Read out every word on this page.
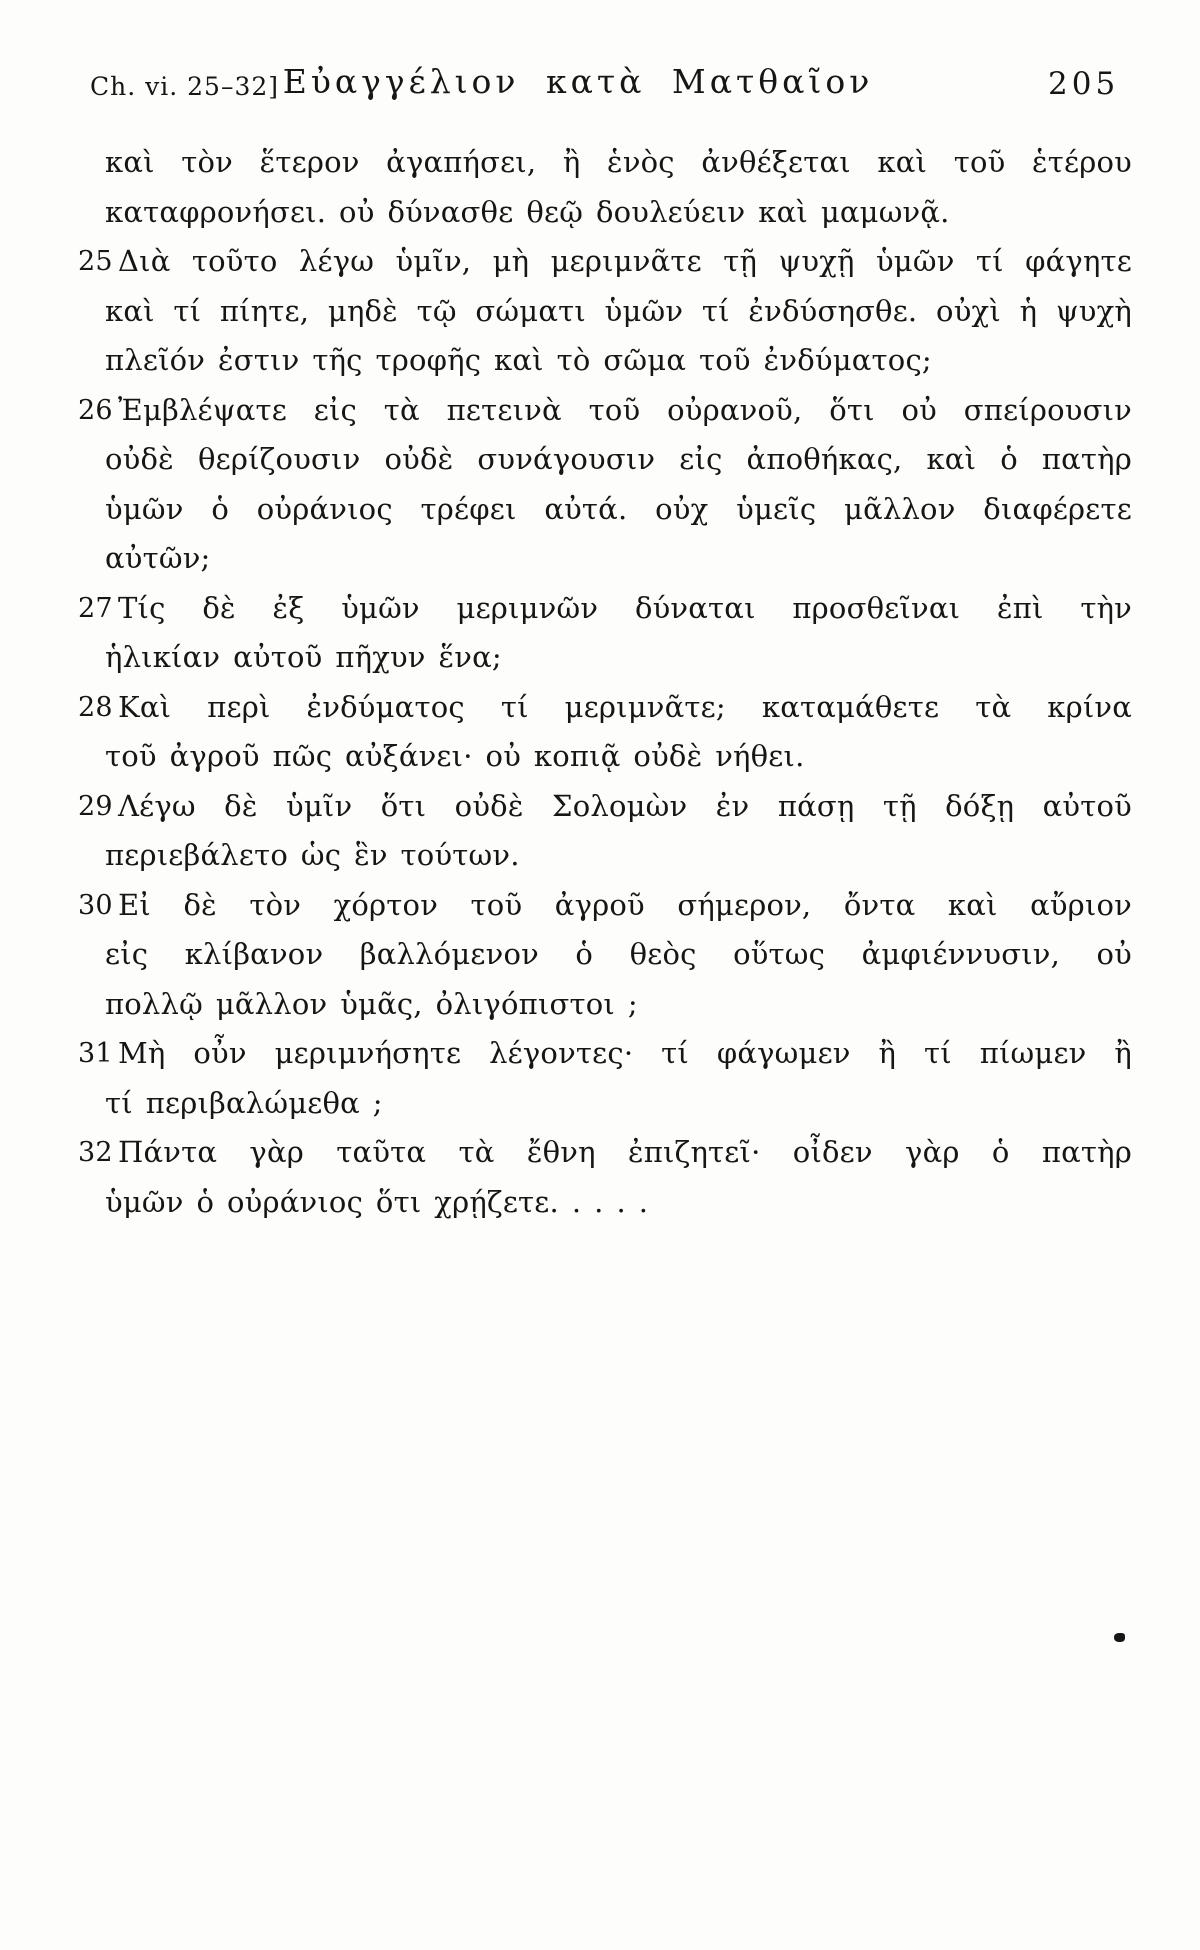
Ch. vi. 25–32] Εὐαγγέλιον κατὰ Ματθαῖον	205
καὶ τὸν ἕτερον ἀγαπήσει, ἢ ἑνὸς ἀνθέξεται καὶ τοῦ ἑτέρου
καταφρονήσει. οὐ δύνασθε θεῷ δουλεύειν καὶ μαμωνᾷ.
25 Διὰ τοῦτο λέγω ὑμῖν, μὴ μεριμνᾶτε τῇ ψυχῇ ὑμῶν τί φάγητε
καὶ τί πίητε, μηδὲ τῷ σώματι ὑμῶν τί ἐνδύσησθε. οὐχὶ ἡ ψυχὴ
πλεῖόν ἐστιν τῆς τροφῆς καὶ τὸ σῶμα τοῦ ἐνδύματος;
26 Ἐμβλέψατε εἰς τὰ πετεινὰ τοῦ οὐρανοῦ, ὅτι οὐ σπείρουσιν
οὐδὲ θερίζουσιν οὐδὲ συνάγουσιν εἰς ἀποθήκας, καὶ ὁ πατὴρ
ὑμῶν ὁ οὐράνιος τρέφει αὐτά. οὐχ ὑμεῖς μᾶλλον διαφέρετε
αὐτῶν;
27 Τίς δὲ ἐξ ὑμῶν μεριμνῶν δύναται προσθεῖναι ἐπὶ τὴν
ἡλικίαν αὐτοῦ πῆχυν ἕνα;
28 Καὶ περὶ ἐνδύματος τί μεριμνᾶτε; καταμάθετε τὰ κρίνα
τοῦ ἀγροῦ πῶς αὐξάνει· οὐ κοπιᾷ οὐδὲ νήθει.
29 Λέγω δὲ ὑμῖν ὅτι οὐδὲ Σολομὼν ἐν πάσῃ τῇ δόξῃ αὐτοῦ
περιεβάλετο ὡς ἓν τούτων.
30 Εἰ δὲ τὸν χόρτον τοῦ ἀγροῦ σήμερον, ὄντα καὶ αὔριον
εἰς κλίβανον βαλλόμενον ὁ θεὸς οὕτως ἀμφιέννυσιν, οὐ
πολλῷ μᾶλλον ὑμᾶς, ὀλιγόπιστοι ;
31 Μὴ οὖν μεριμνήσητε λέγοντες· τί φάγωμεν ἢ τί πίωμεν ἢ
τί περιβαλώμεθα ;
32 Πάντα γὰρ ταῦτα τὰ ἔθνη ἐπιζητεῖ· οἶδεν γὰρ ὁ πατὴρ
ὑμῶν ὁ οὐράνιος ὅτι χρῄζετε. . . . .
